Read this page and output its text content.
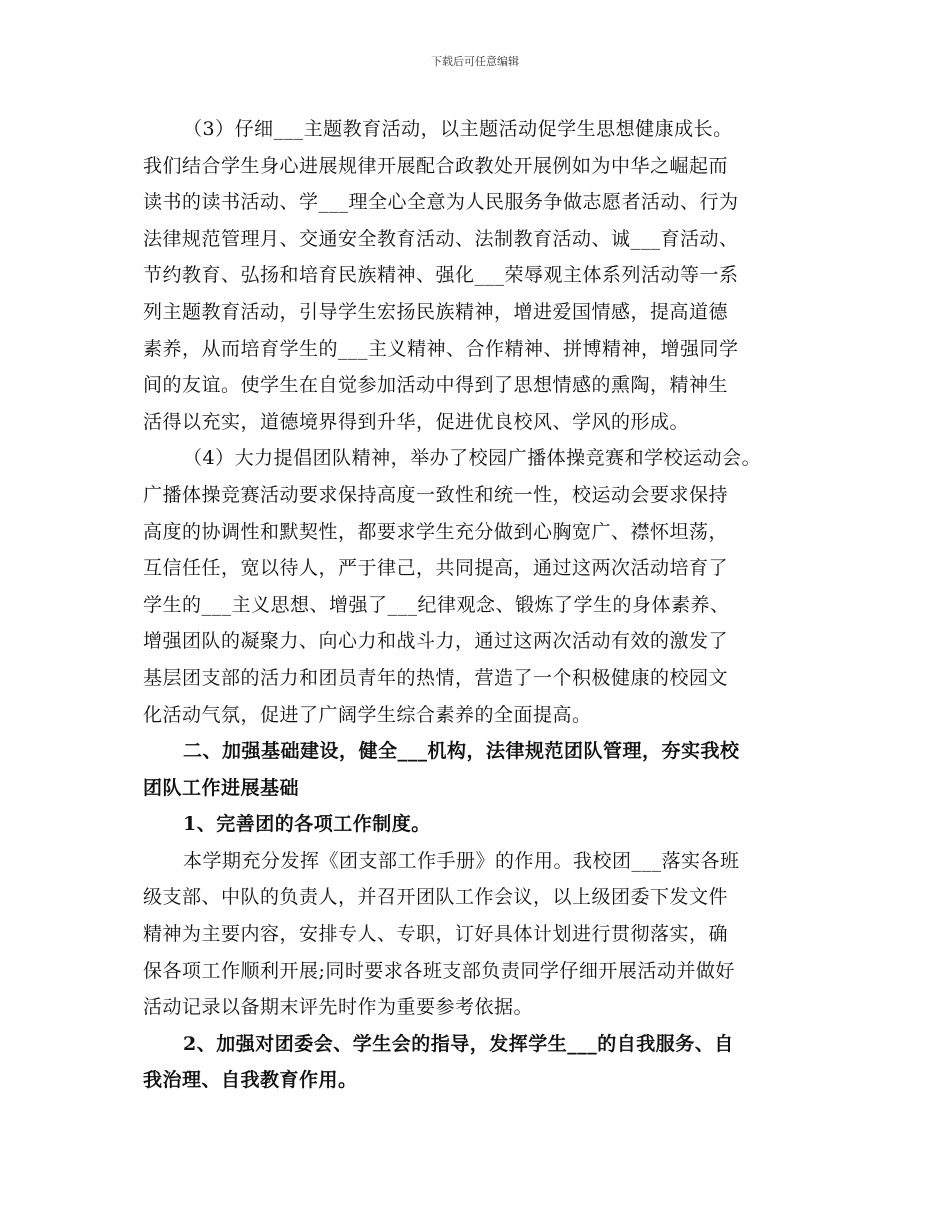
下载后可任意编辑
（3）仔细___主题教育活动，以主题活动促学生思想健康成长。
我们结合学生身心进展规律开展配合政教处开展例如为中华之崛起而
读书的读书活动、学___理全心全意为人民服务争做志愿者活动、行为
法律规范管理月、交通安全教育活动、法制教育活动、诚___育活动、
节约教育、弘扬和培育民族精神、强化___荣辱观主体系列活动等一系
列主题教育活动，引导学生宏扬民族精神，增进爱国情感，提高道德
素养，从而培育学生的___主义精神、合作精神、拼博精神，增强同学
间的友谊。使学生在自觉参加活动中得到了思想情感的熏陶，精神生
活得以充实，道德境界得到升华，促进优良校风、学风的形成。
（4）大力提倡团队精神，举办了校园广播体操竞赛和学校运动会。
广播体操竞赛活动要求保持高度一致性和统一性，校运动会要求保持
高度的协调性和默契性，都要求学生充分做到心胸宽广、襟怀坦荡，
互信任任，宽以待人，严于律己，共同提高，通过这两次活动培育了
学生的___主义思想、增强了___纪律观念、锻炼了学生的身体素养、
增强团队的凝聚力、向心力和战斗力，通过这两次活动有效的激发了
基层团支部的活力和团员青年的热情，营造了一个积极健康的校园文
化活动气氛，促进了广阔学生综合素养的全面提高。
二、加强基础建设，健全___机构，法律规范团队管理，夯实我校
团队工作进展基础
1、完善团的各项工作制度。
本学期充分发挥《团支部工作手册》的作用。我校团___落实各班
级支部、中队的负责人，并召开团队工作会议，以上级团委下发文件
精神为主要内容，安排专人、专职，订好具体计划进行贯彻落实，确
保各项工作顺利开展;同时要求各班支部负责同学仔细开展活动并做好
活动记录以备期末评先时作为重要参考依据。
2、加强对团委会、学生会的指导，发挥学生___的自我服务、自
我治理、自我教育作用。
